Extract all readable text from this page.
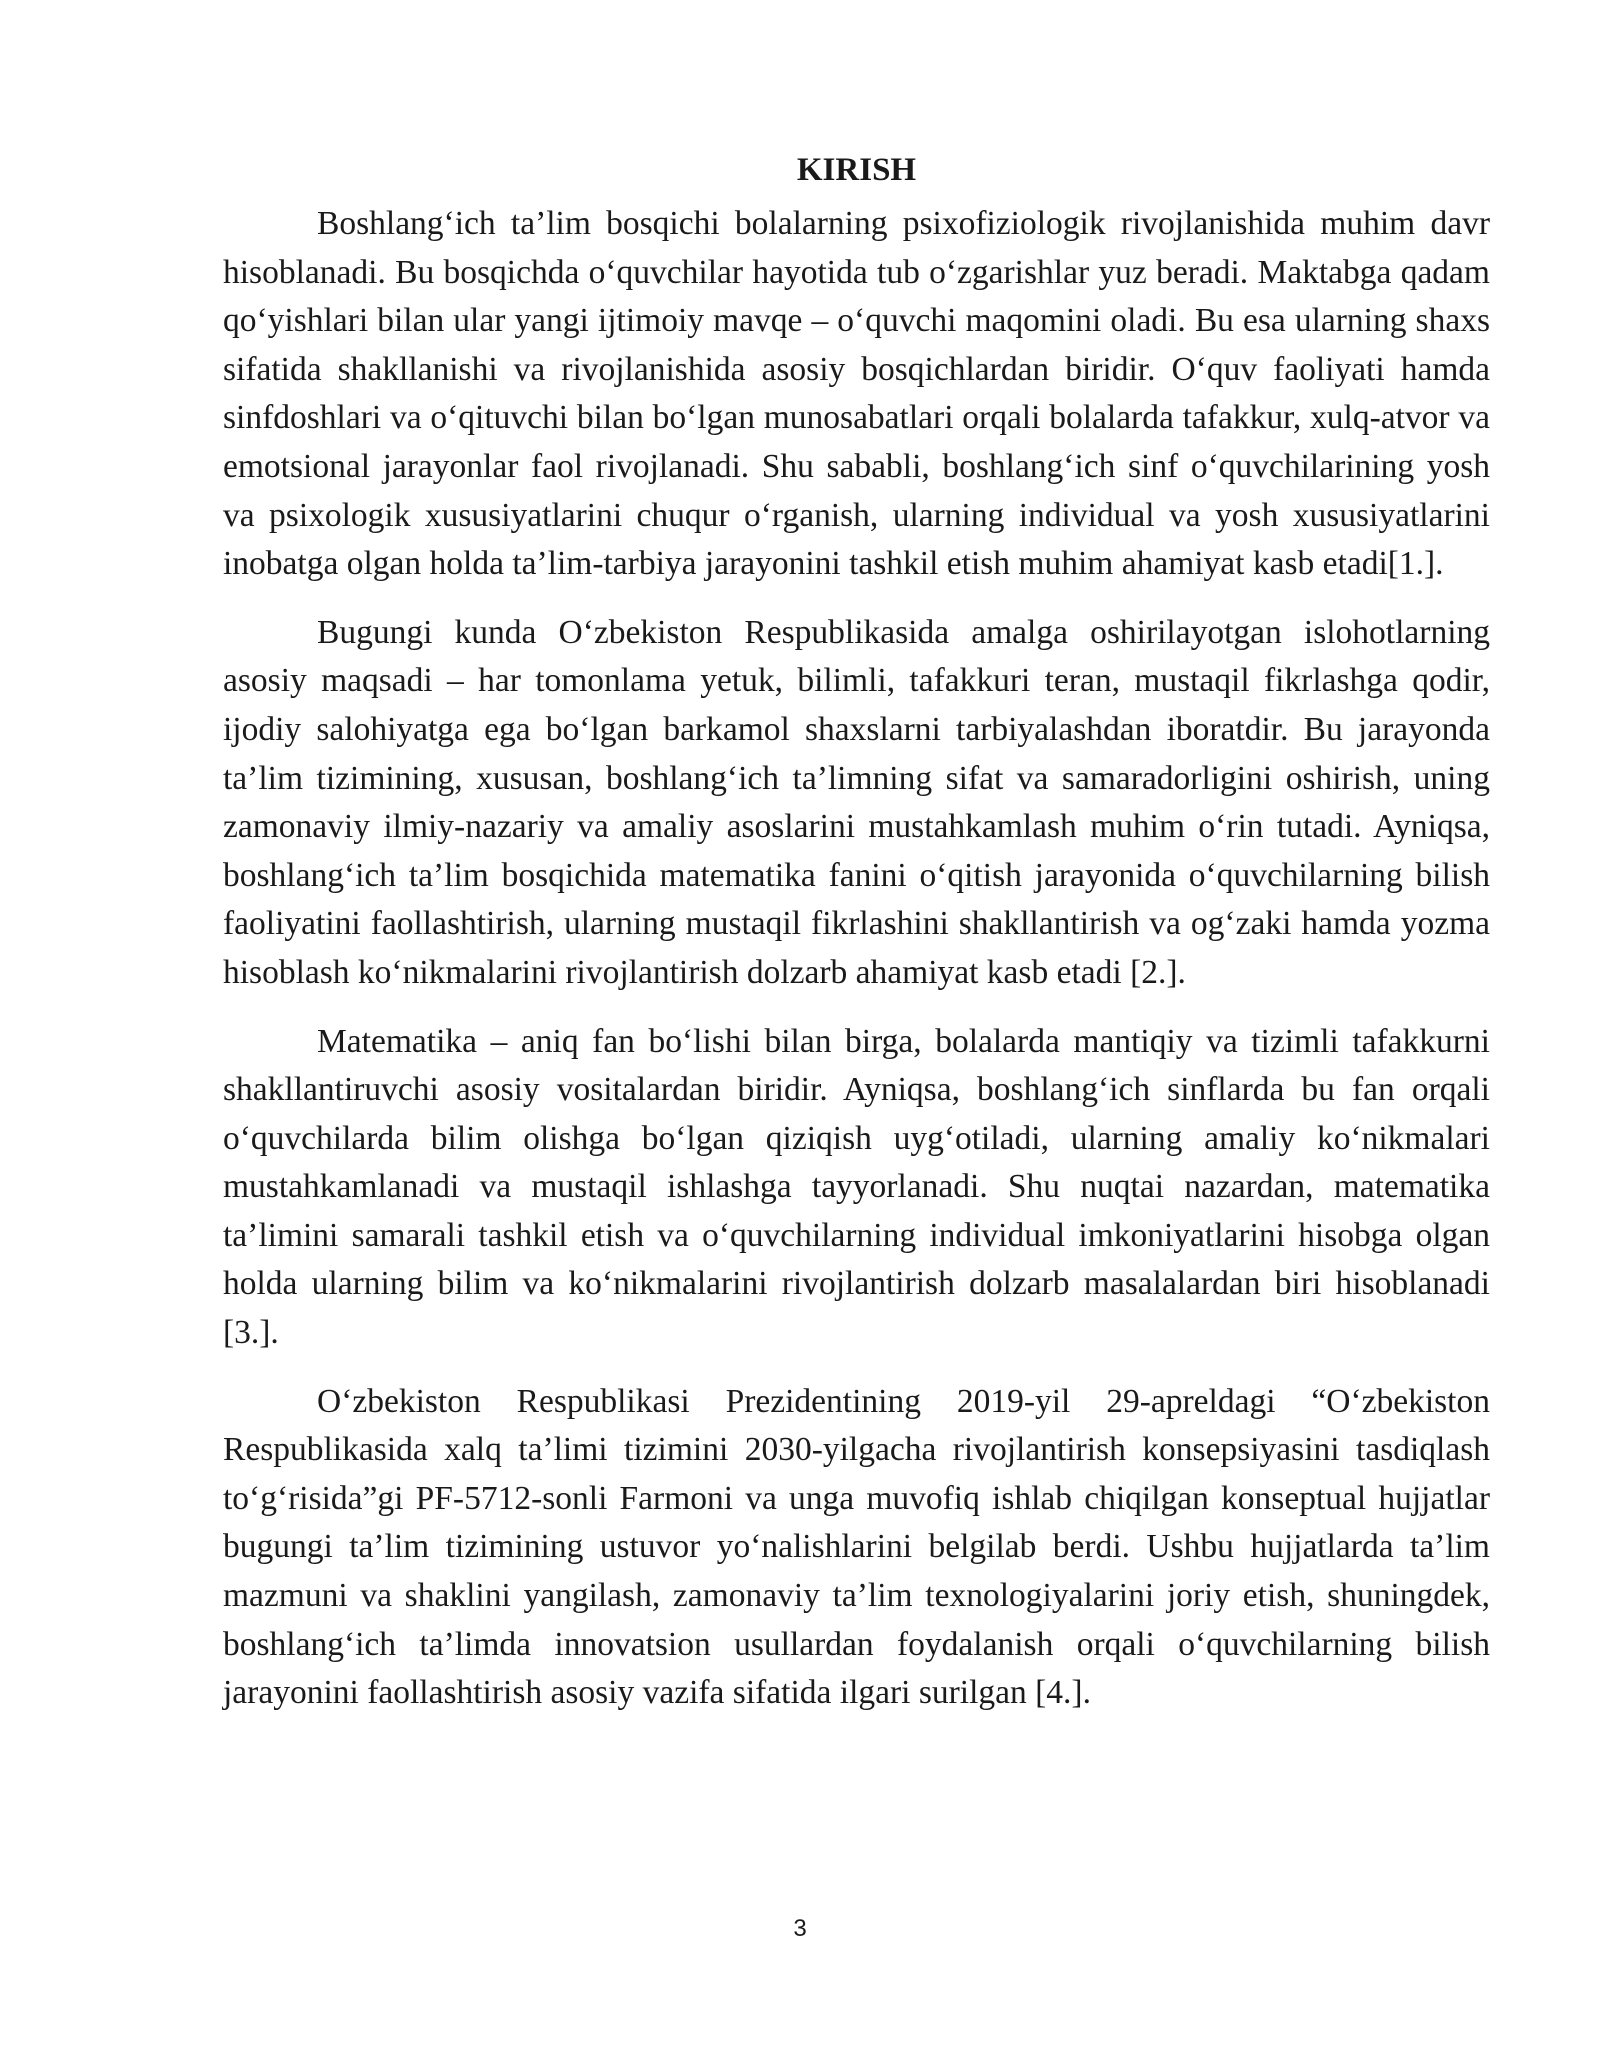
KIRISH

Boshlang‘ich ta’lim bosqichi bolalarning psixofiziologik rivojlanishida muhim davr hisoblanadi. Bu bosqichda o‘quvchilar hayotida tub o‘zgarishlar yuz beradi. Maktabga qadam qo‘yishlari bilan ular yangi ijtimoiy mavqe – o‘quvchi maqomini oladi. Bu esa ularning shaxs sifatida shakllanishi va rivojlanishida asosiy bosqichlardan biridir. O‘quv faoliyati hamda sinfdoshlari va o‘qituvchi bilan bo‘lgan munosabatlari orqali bolalarda tafakkur, xulq-atvor va emotsional jarayonlar faol rivojlanadi. Shu sababli, boshlang‘ich sinf o‘quvchilarining yosh va psixologik xususiyatlarini chuqur o‘rganish, ularning individual va yosh xususiyatlarini inobatga olgan holda ta’lim-tarbiya jarayonini tashkil etish muhim ahamiyat kasb etadi[1.].

Bugungi kunda O‘zbekiston Respublikasida amalga oshirilayotgan islohotlarning asosiy maqsadi – har tomonlama yetuk, bilimli, tafakkuri teran, mustaqil fikrlashga qodir, ijodiy salohiyatga ega bo‘lgan barkamol shaxslarni tarbiyalashdan iboratdir. Bu jarayonda ta’lim tizimining, xususan, boshlang‘ich ta’limning sifat va samaradorligini oshirish, uning zamonaviy ilmiy-nazariy va amaliy asoslarini mustahkamlash muhim o‘rin tutadi. Ayniqsa, boshlang‘ich ta’lim bosqichida matematika fanini o‘qitish jarayonida o‘quvchilarning bilish faoliyatini faollashtirish, ularning mustaqil fikrlashini shakllantirish va og‘zaki hamda yozma hisoblash ko‘nikmalarini rivojlantirish dolzarb ahamiyat kasb etadi [2.].

Matematika – aniq fan bo‘lishi bilan birga, bolalarda mantiqiy va tizimli tafakkurni shakllantiruvchi asosiy vositalardan biridir. Ayniqsa, boshlang‘ich sinflarda bu fan orqali o‘quvchilarda bilim olishga bo‘lgan qiziqish uyg‘otiladi, ularning amaliy ko‘nikmalari mustahkamlanadi va mustaqil ishlashga tayyorlanadi. Shu nuqtai nazardan, matematika ta’limini samarali tashkil etish va o‘quvchilarning individual imkoniyatlarini hisobga olgan holda ularning bilim va ko‘nikmalarini rivojlantirish dolzarb masalalardan biri hisoblanadi [3.].

O‘zbekiston Respublikasi Prezidentining 2019-yil 29-apreldagi “O‘zbekiston Respublikasida xalq ta’limi tizimini 2030-yilgacha rivojlantirish konsepsiyasini tasdiqlash to‘g‘risida”gi PF-5712-sonli Farmoni va unga muvofiq ishlab chiqilgan konseptual hujjatlar bugungi ta’lim tizimining ustuvor yo‘nalishlarini belgilab berdi. Ushbu hujjatlarda ta’lim mazmuni va shaklini yangilash, zamonaviy ta’lim texnologiyalarini joriy etish, shuningdek, boshlang‘ich ta’limda innovatsion usullardan foydalanish orqali o‘quvchilarning bilish jarayonini faollashtirish asosiy vazifa sifatida ilgari surilgan [4.].

3
